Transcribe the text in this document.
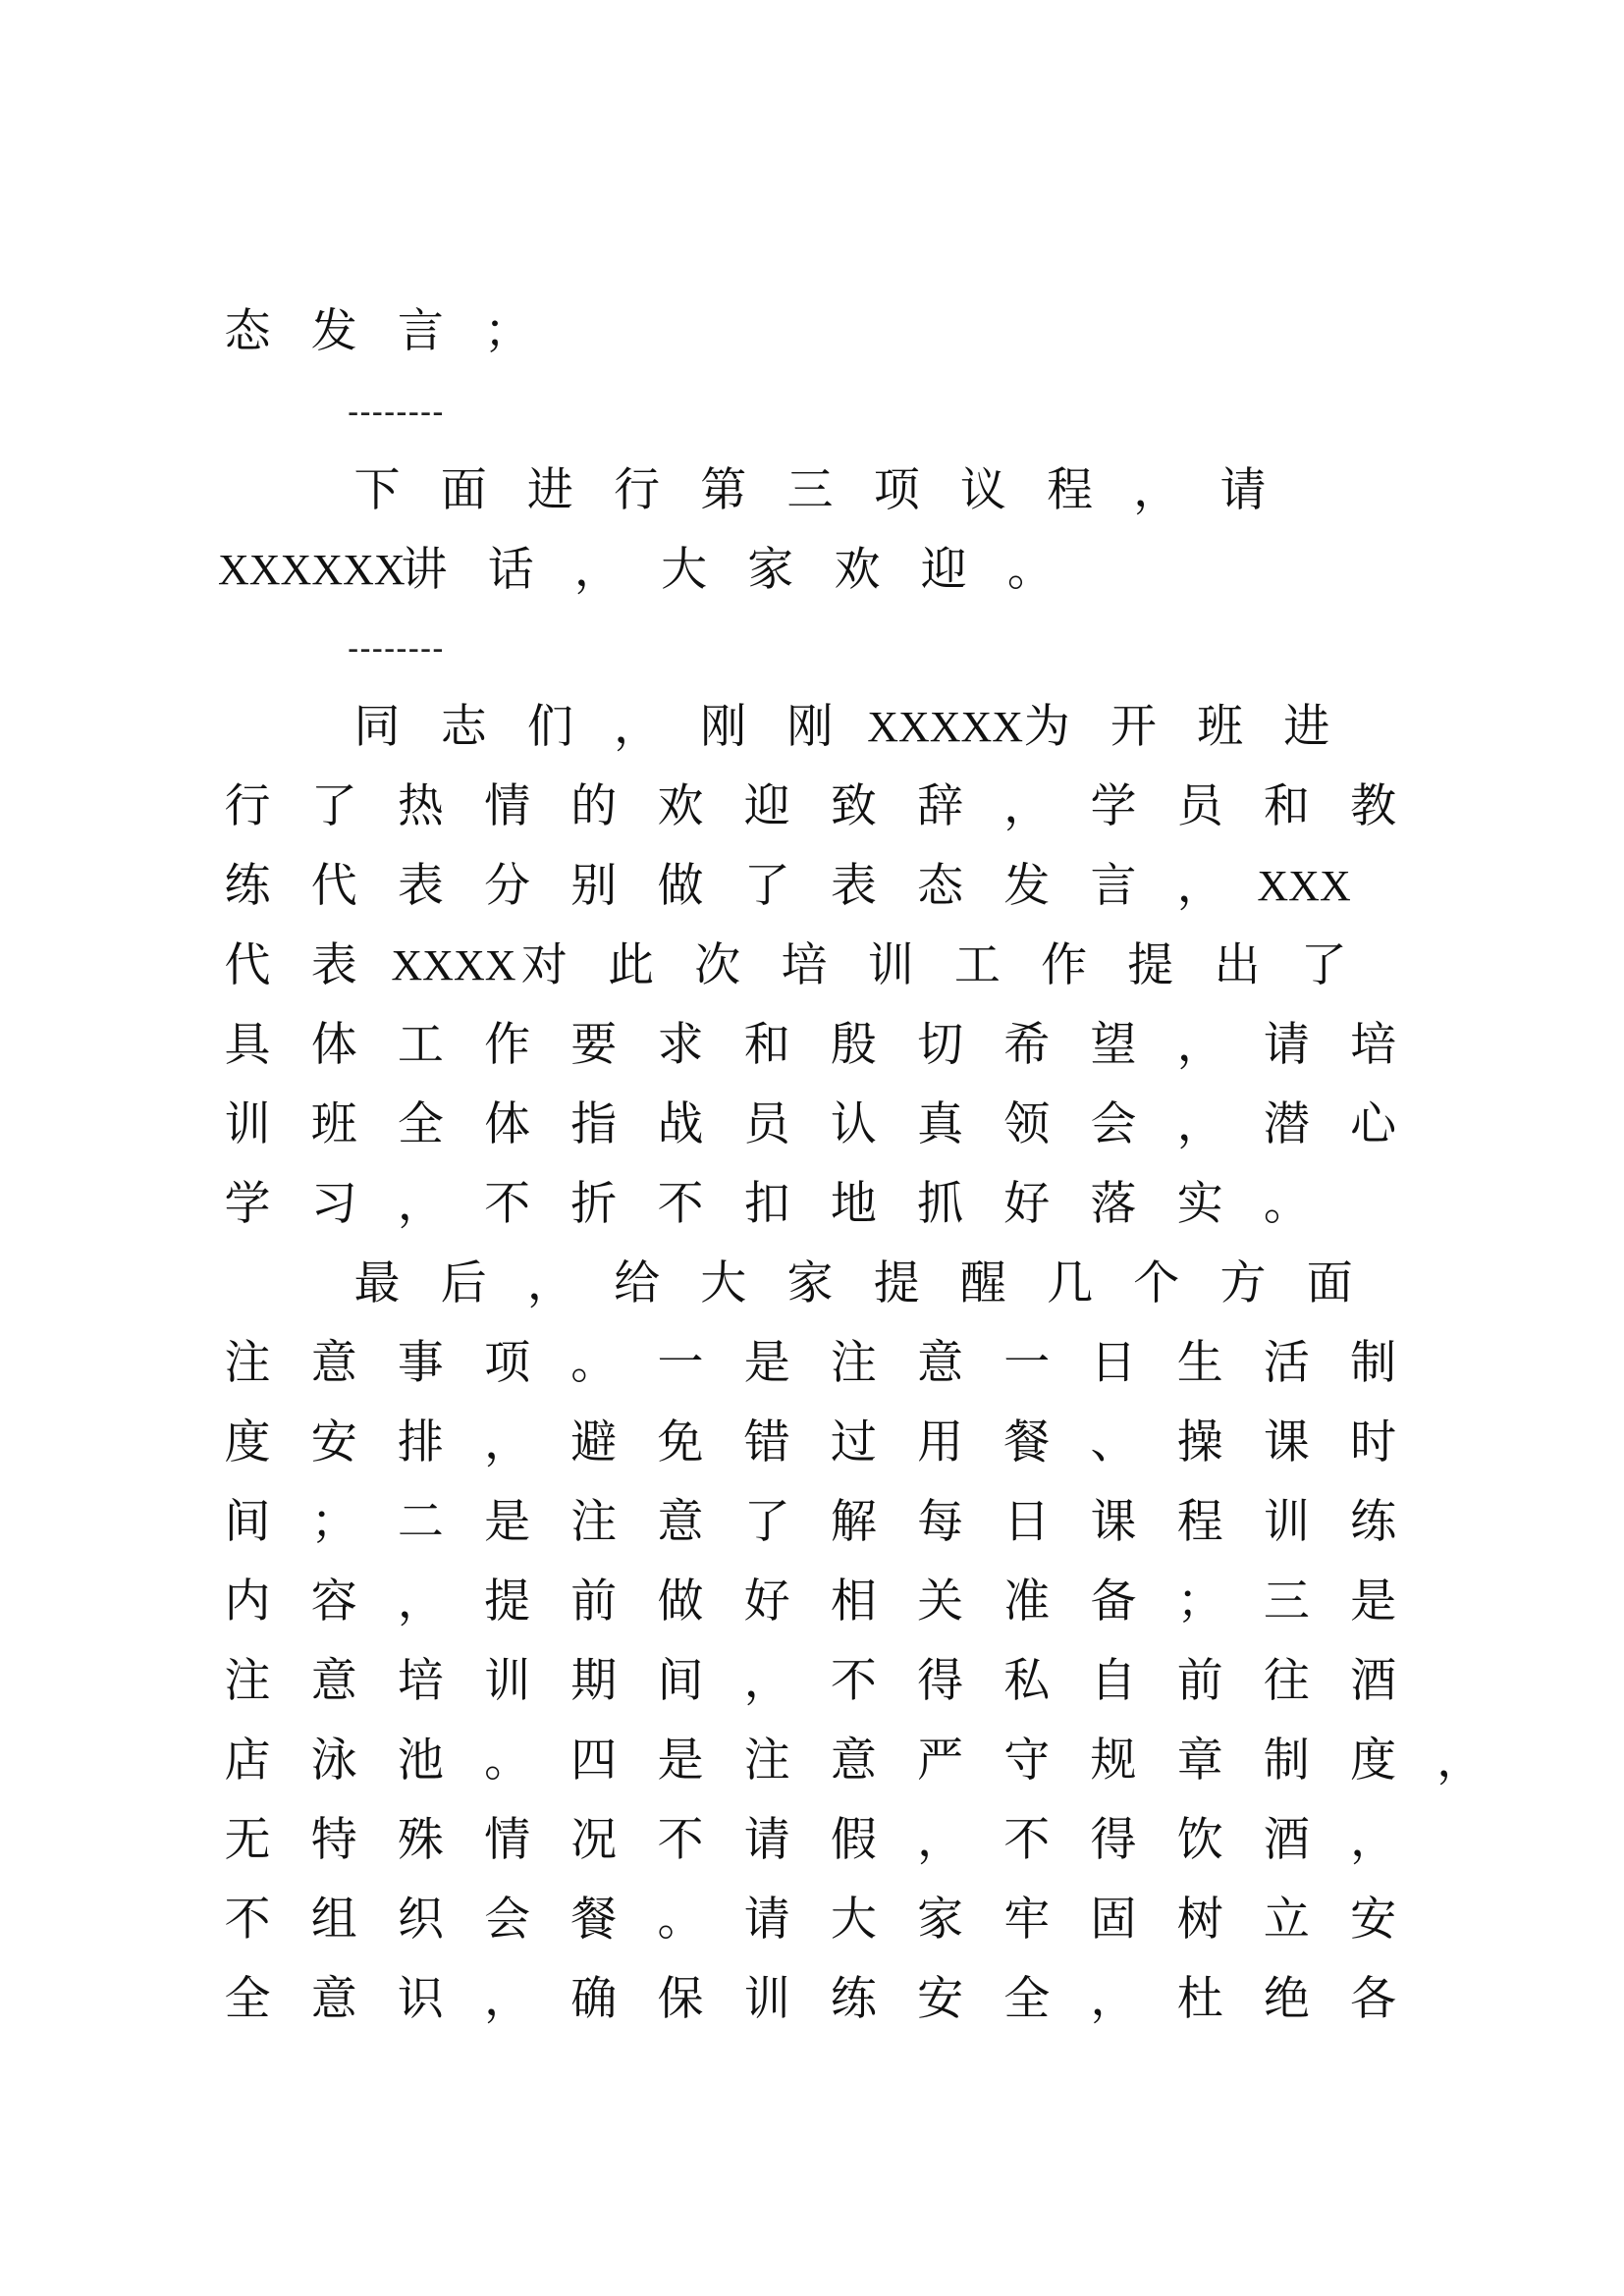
态 发 言 ；
--------
下 面 进 行 第 三 项 议 程 ， 请
XXXXXX
讲 话 ， 大 家 欢 迎 。
--------
同 志 们 ， 刚 刚 XXXXX 为 开 班 进
行 了 热 情 的 欢 迎 致 辞 ， 学 员 和 教
练 代 表 分 别 做 了 表 态 发 言 ， XXX
代 表 XXXX 对 此 次 培 训 工 作 提 出 了
具 体 工 作 要 求 和 殷 切 希 望 ， 请 培
训 班 全 体 指 战 员 认 真 领 会 ， 潜 心
学 习 ， 不 折 不 扣 地 抓 好 落 实 。
最 后 ， 给 大 家 提 醒 几 个 方 面
注 意 事 项 。 一 是 注 意 一 日 生 活 制
度 安 排 ， 避 免 错 过 用 餐 、 操 课 时
间 ； 二 是 注 意 了 解 每 日 课 程 训 练
内 容 ， 提 前 做 好 相 关 准 备 ； 三 是
注 意 培 训 期 间 ， 不 得 私 自 前 往 酒
店 泳 池 。 四 是 注 意 严 守 规 章 制 度 ，
无 特 殊 情 况 不 请 假 ， 不 得 饮 酒 ，
不 组 织 会 餐 。 请 大 家 牢 固 树 立 安
全 意 识 ， 确 保 训 练 安 全 ， 杜 绝 各
